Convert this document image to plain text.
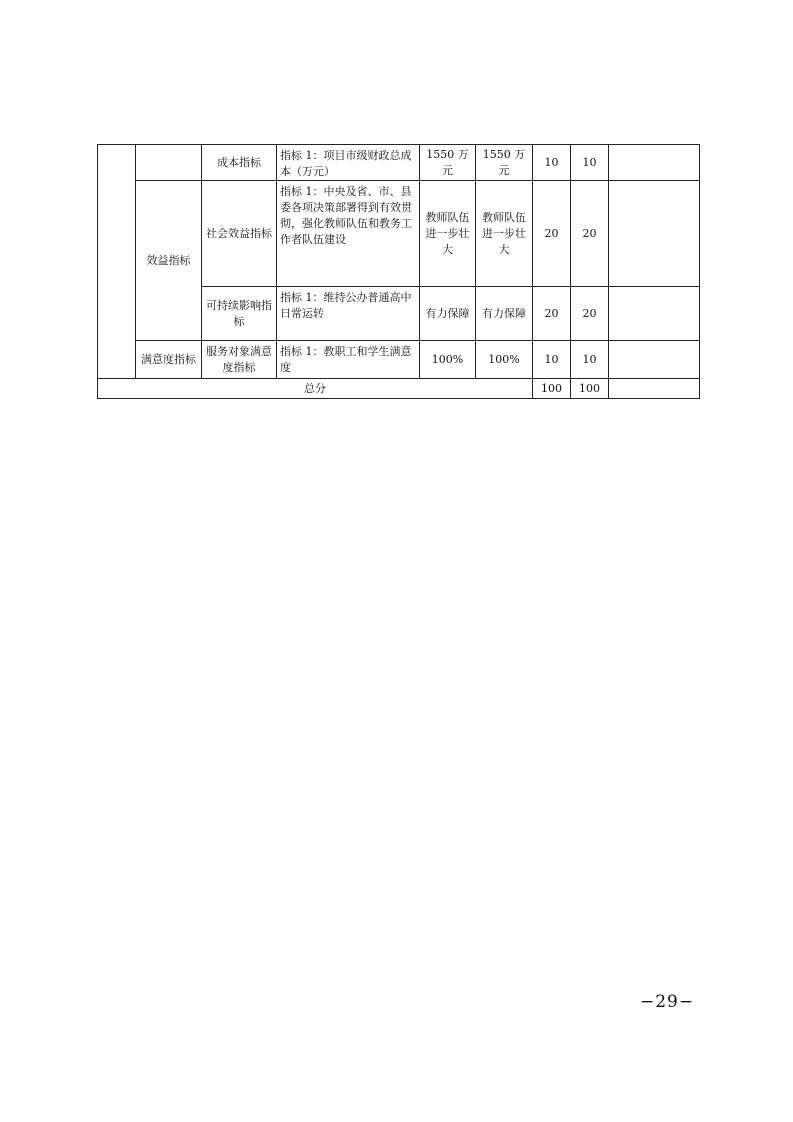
		成本指标	指标 1：项目市级财政总成本（万元）	1550 万元	1550 万元	10	10	
	效益指标	社会效益指标	指标 1：中央及省、市、县委各项决策部署得到有效贯彻，强化教师队伍和教务工作者队伍建设	教师队伍进一步壮大	教师队伍进一步壮大	20	20	
		可持续影响指标	指标 1：维持公办普通高中日常运转	有力保障	有力保障	20	20	
	满意度指标	服务对象满意度指标	指标 1：教职工和学生满意度	100%	100%	10	10	
总分						100	100	
−29−
